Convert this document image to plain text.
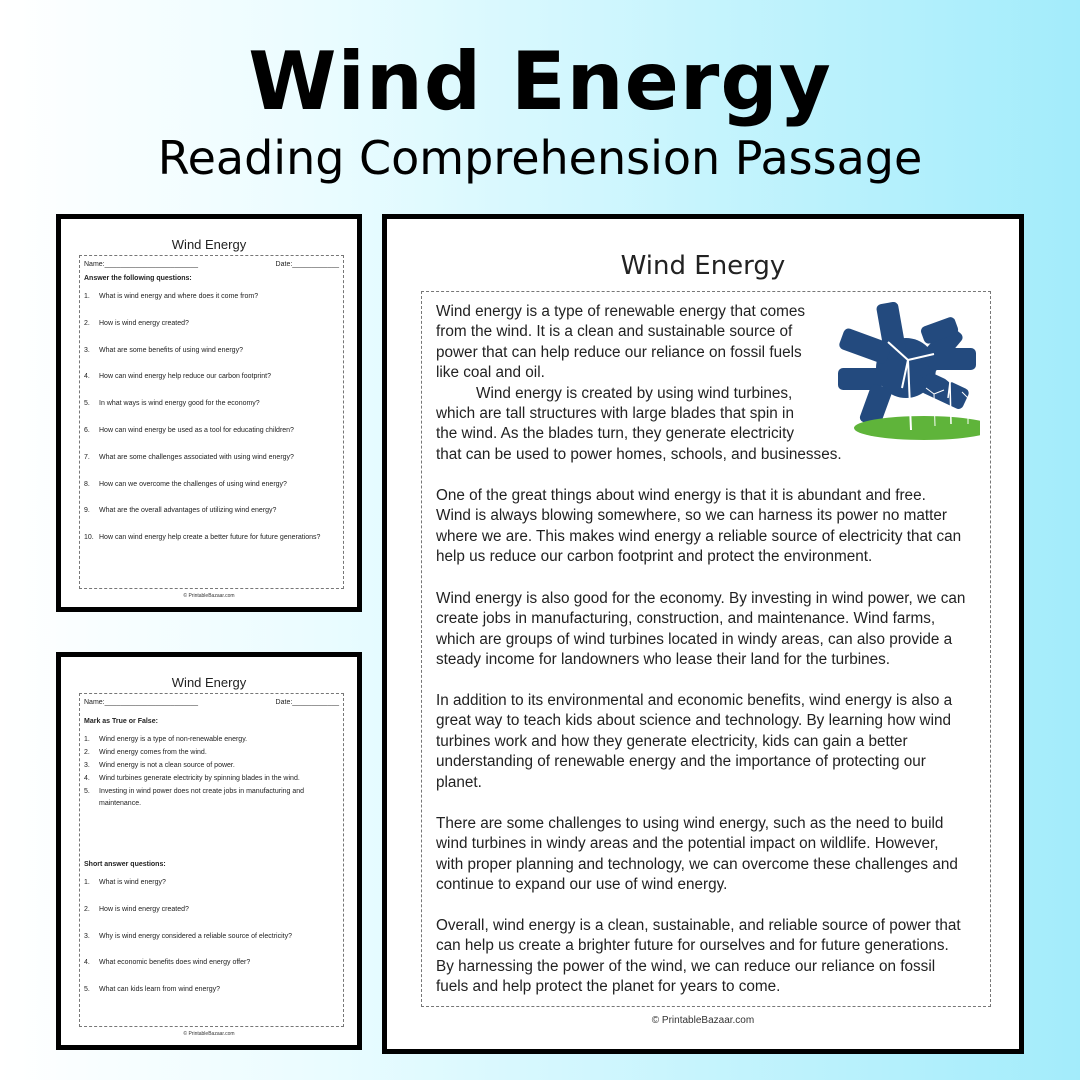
Wind Energy
Reading Comprehension Passage
Wind Energy
Name:________________________	Date:____________
Answer the following questions:
1. What is wind energy and where does it come from?
2. How is wind energy created?
3. What are some benefits of using wind energy?
4. How can wind energy help reduce our carbon footprint?
5. In what ways is wind energy good for the economy?
6. How can wind energy be used as a tool for educating children?
7. What are some challenges associated with using wind energy?
8. How can we overcome the challenges of using wind energy?
9. What are the overall advantages of utilizing wind energy?
10. How can wind energy help create a better future for future generations?
© PrintableBazaar.com
Wind Energy
Name:________________________	Date:____________
Mark as True or False:
1. Wind energy is a type of non-renewable energy.
2. Wind energy comes from the wind.
3. Wind energy is not a clean source of power.
4. Wind turbines generate electricity by spinning blades in the wind.
5. Investing in wind power does not create jobs in manufacturing and
maintenance.
Short answer questions:
1. What is wind energy?
2. How is wind energy created?
3. Why is wind energy considered a reliable source of electricity?
4. What economic benefits does wind energy offer?
5. What can kids learn from wind energy?
© PrintableBazaar.com
Wind Energy
Wind energy is a type of renewable energy that comes
from the wind. It is a clean and sustainable source of
power that can help reduce our reliance on fossil fuels
like coal and oil.
Wind energy is created by using wind turbines,
which are tall structures with large blades that spin in
the wind. As the blades turn, they generate electricity
that can be used to power homes, schools, and businesses.
One of the great things about wind energy is that it is abundant and free.
Wind is always blowing somewhere, so we can harness its power no matter
where we are. This makes wind energy a reliable source of electricity that can
help us reduce our carbon footprint and protect the environment.
Wind energy is also good for the economy. By investing in wind power, we can
create jobs in manufacturing, construction, and maintenance. Wind farms,
which are groups of wind turbines located in windy areas, can also provide a
steady income for landowners who lease their land for the turbines.
In addition to its environmental and economic benefits, wind energy is also a
great way to teach kids about science and technology. By learning how wind
turbines work and how they generate electricity, kids can gain a better
understanding of renewable energy and the importance of protecting our
planet.
There are some challenges to using wind energy, such as the need to build
wind turbines in windy areas and the potential impact on wildlife. However,
with proper planning and technology, we can overcome these challenges and
continue to expand our use of wind energy.
Overall, wind energy is a clean, sustainable, and reliable source of power that
can help us create a brighter future for ourselves and for future generations.
By harnessing the power of the wind, we can reduce our reliance on fossil
fuels and help protect the planet for years to come.
© PrintableBazaar.com
